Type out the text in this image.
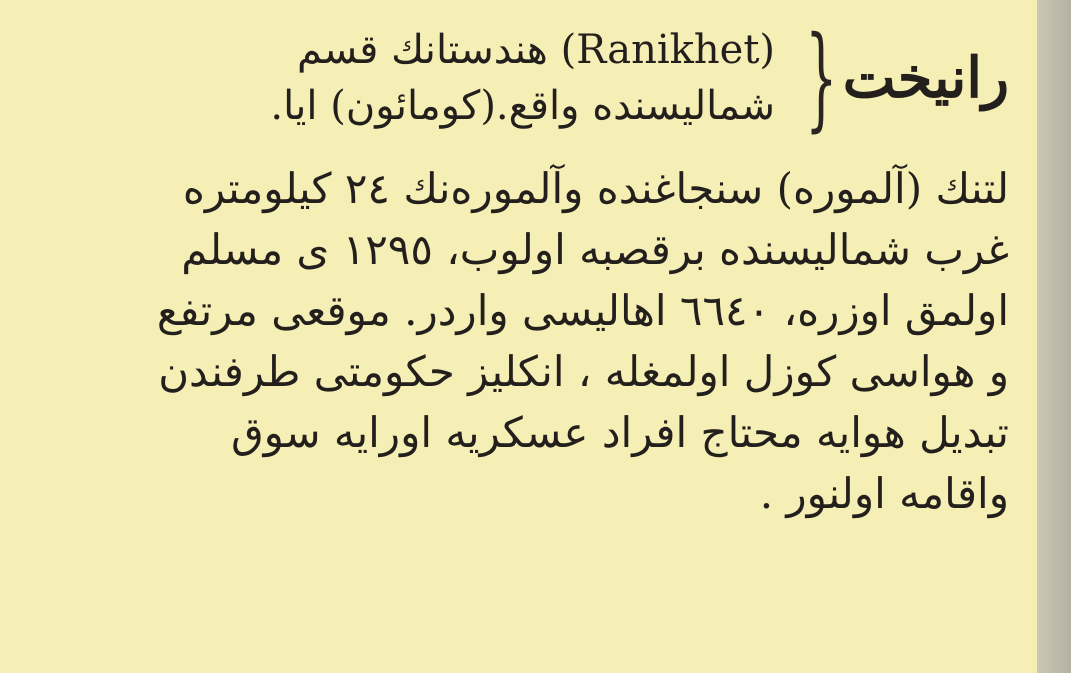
رانیخت
{
(Ranikhet) هندستانك قسم
شمالیسنده واقع.(كومائون) ايا.
لتنك (آلموره) سنجاغنده وآلموره‌نك ٢٤ كیلومتره
غرب شمالیسنده برقصبه اولوب، ١٢٩٥ ی مسلم
اولمق اوزره، ٦٦٤٠ اهالیسی واردر. موقعی مرتفع
و هواسی كوزل اولمغله ، انكلیز حكومتی طرفندن
تبدیل هوایه محتاج افراد عسكریه اورایه سوق
واقامه اولنور .
